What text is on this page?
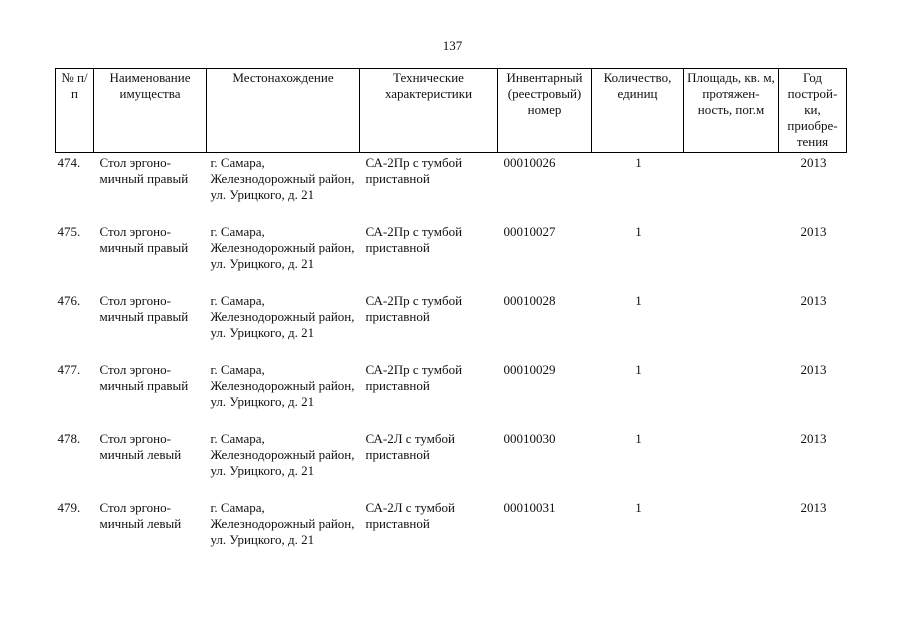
137
№ п/п	Наименование имущества	Местонахождение	Технические характеристики	Инвентарный (реестровый) номер	Количество, единиц	Площадь, кв. м, протяжен-ность, пог.м	Год построй-ки, приобре-тения
474.	Стол эргоно-мичный правый	г. Самара, Железнодорожный район, ул. Урицкого, д. 21	СА-2Пр с тумбой приставной	00010026	1		2013
475.	Стол эргоно-мичный правый	г. Самара, Железнодорожный район, ул. Урицкого, д. 21	СА-2Пр с тумбой приставной	00010027	1		2013
476.	Стол эргоно-мичный правый	г. Самара, Железнодорожный район, ул. Урицкого, д. 21	СА-2Пр с тумбой приставной	00010028	1		2013
477.	Стол эргоно-мичный правый	г. Самара, Железнодорожный район, ул. Урицкого, д. 21	СА-2Пр с тумбой приставной	00010029	1		2013
478.	Стол эргоно-мичный левый	г. Самара, Железнодорожный район, ул. Урицкого, д. 21	СА-2Л с тумбой приставной	00010030	1		2013
479.	Стол эргоно-мичный левый	г. Самара, Железнодорожный район, ул. Урицкого, д. 21	СА-2Л с тумбой приставной	00010031	1		2013
